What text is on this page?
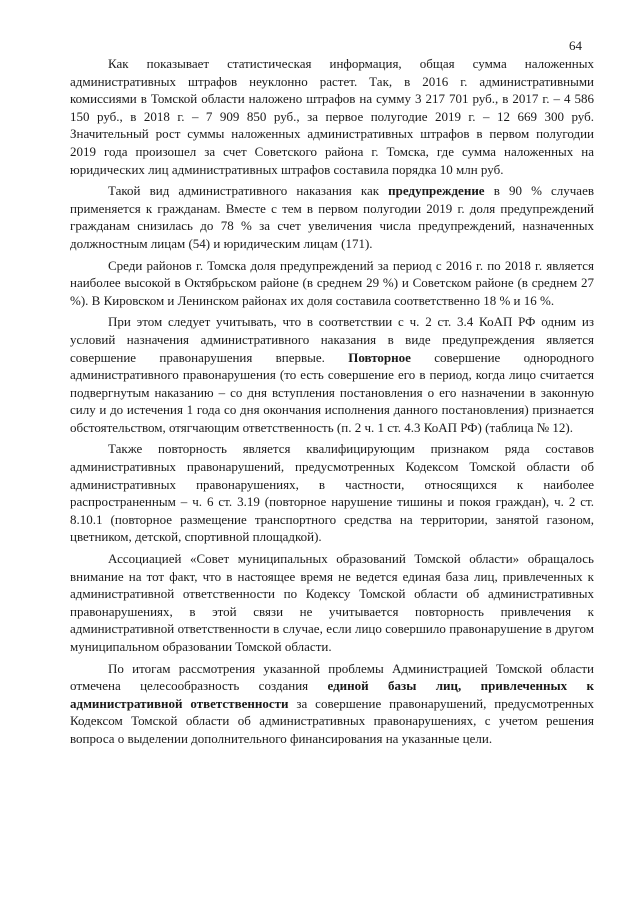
64

Как показывает статистическая информация, общая сумма наложенных административных штрафов неуклонно растет. Так, в 2016 г. административными комиссиями в Томской области наложено штрафов на сумму 3 217 701 руб., в 2017 г. – 4 586 150 руб., в 2018 г. – 7 909 850 руб., за первое полугодие 2019 г. – 12 669 300 руб. Значительный рост суммы наложенных административных штрафов в первом полугодии 2019 года произошел за счет Советского района г. Томска, где сумма наложенных на юридических лиц административных штрафов составила порядка 10 млн руб.

Такой вид административного наказания как предупреждение в 90 % случаев применяется к гражданам. Вместе с тем в первом полугодии 2019 г. доля предупреждений гражданам снизилась до 78 % за счет увеличения числа предупреждений, назначенных должностным лицам (54) и юридическим лицам (171).

Среди районов г. Томска доля предупреждений за период с 2016 г. по 2018 г. является наиболее высокой в Октябрьском районе (в среднем 29 %) и Советском районе (в среднем 27 %). В Кировском и Ленинском районах их доля составила соответственно 18 % и 16 %.

При этом следует учитывать, что в соответствии с ч. 2 ст. 3.4 КоАП РФ одним из условий назначения административного наказания в виде предупреждения является совершение правонарушения впервые. Повторное совершение однородного административного правонарушения (то есть совершение его в период, когда лицо считается подвергнутым наказанию – со дня вступления постановления о его назначении в законную силу и до истечения 1 года со дня окончания исполнения данного постановления) признается обстоятельством, отягчающим ответственность (п. 2 ч. 1 ст. 4.3 КоАП РФ) (таблица № 12).

Также повторность является квалифицирующим признаком ряда составов административных правонарушений, предусмотренных Кодексом Томской области об административных правонарушениях, в частности, относящихся к наиболее распространенным – ч. 6 ст. 3.19 (повторное нарушение тишины и покоя граждан), ч. 2 ст. 8.10.1 (повторное размещение транспортного средства на территории, занятой газоном, цветником, детской, спортивной площадкой).

Ассоциацией «Совет муниципальных образований Томской области» обращалось внимание на тот факт, что в настоящее время не ведется единая база лиц, привлеченных к административной ответственности по Кодексу Томской области об административных правонарушениях, в этой связи не учитывается повторность привлечения к административной ответственности в случае, если лицо совершило правонарушение в другом муниципальном образовании Томской области.

По итогам рассмотрения указанной проблемы Администрацией Томской области отмечена целесообразность создания единой базы лиц, привлеченных к административной ответственности за совершение правонарушений, предусмотренных Кодексом Томской области об административных правонарушениях, с учетом решения вопроса о выделении дополнительного финансирования на указанные цели.
